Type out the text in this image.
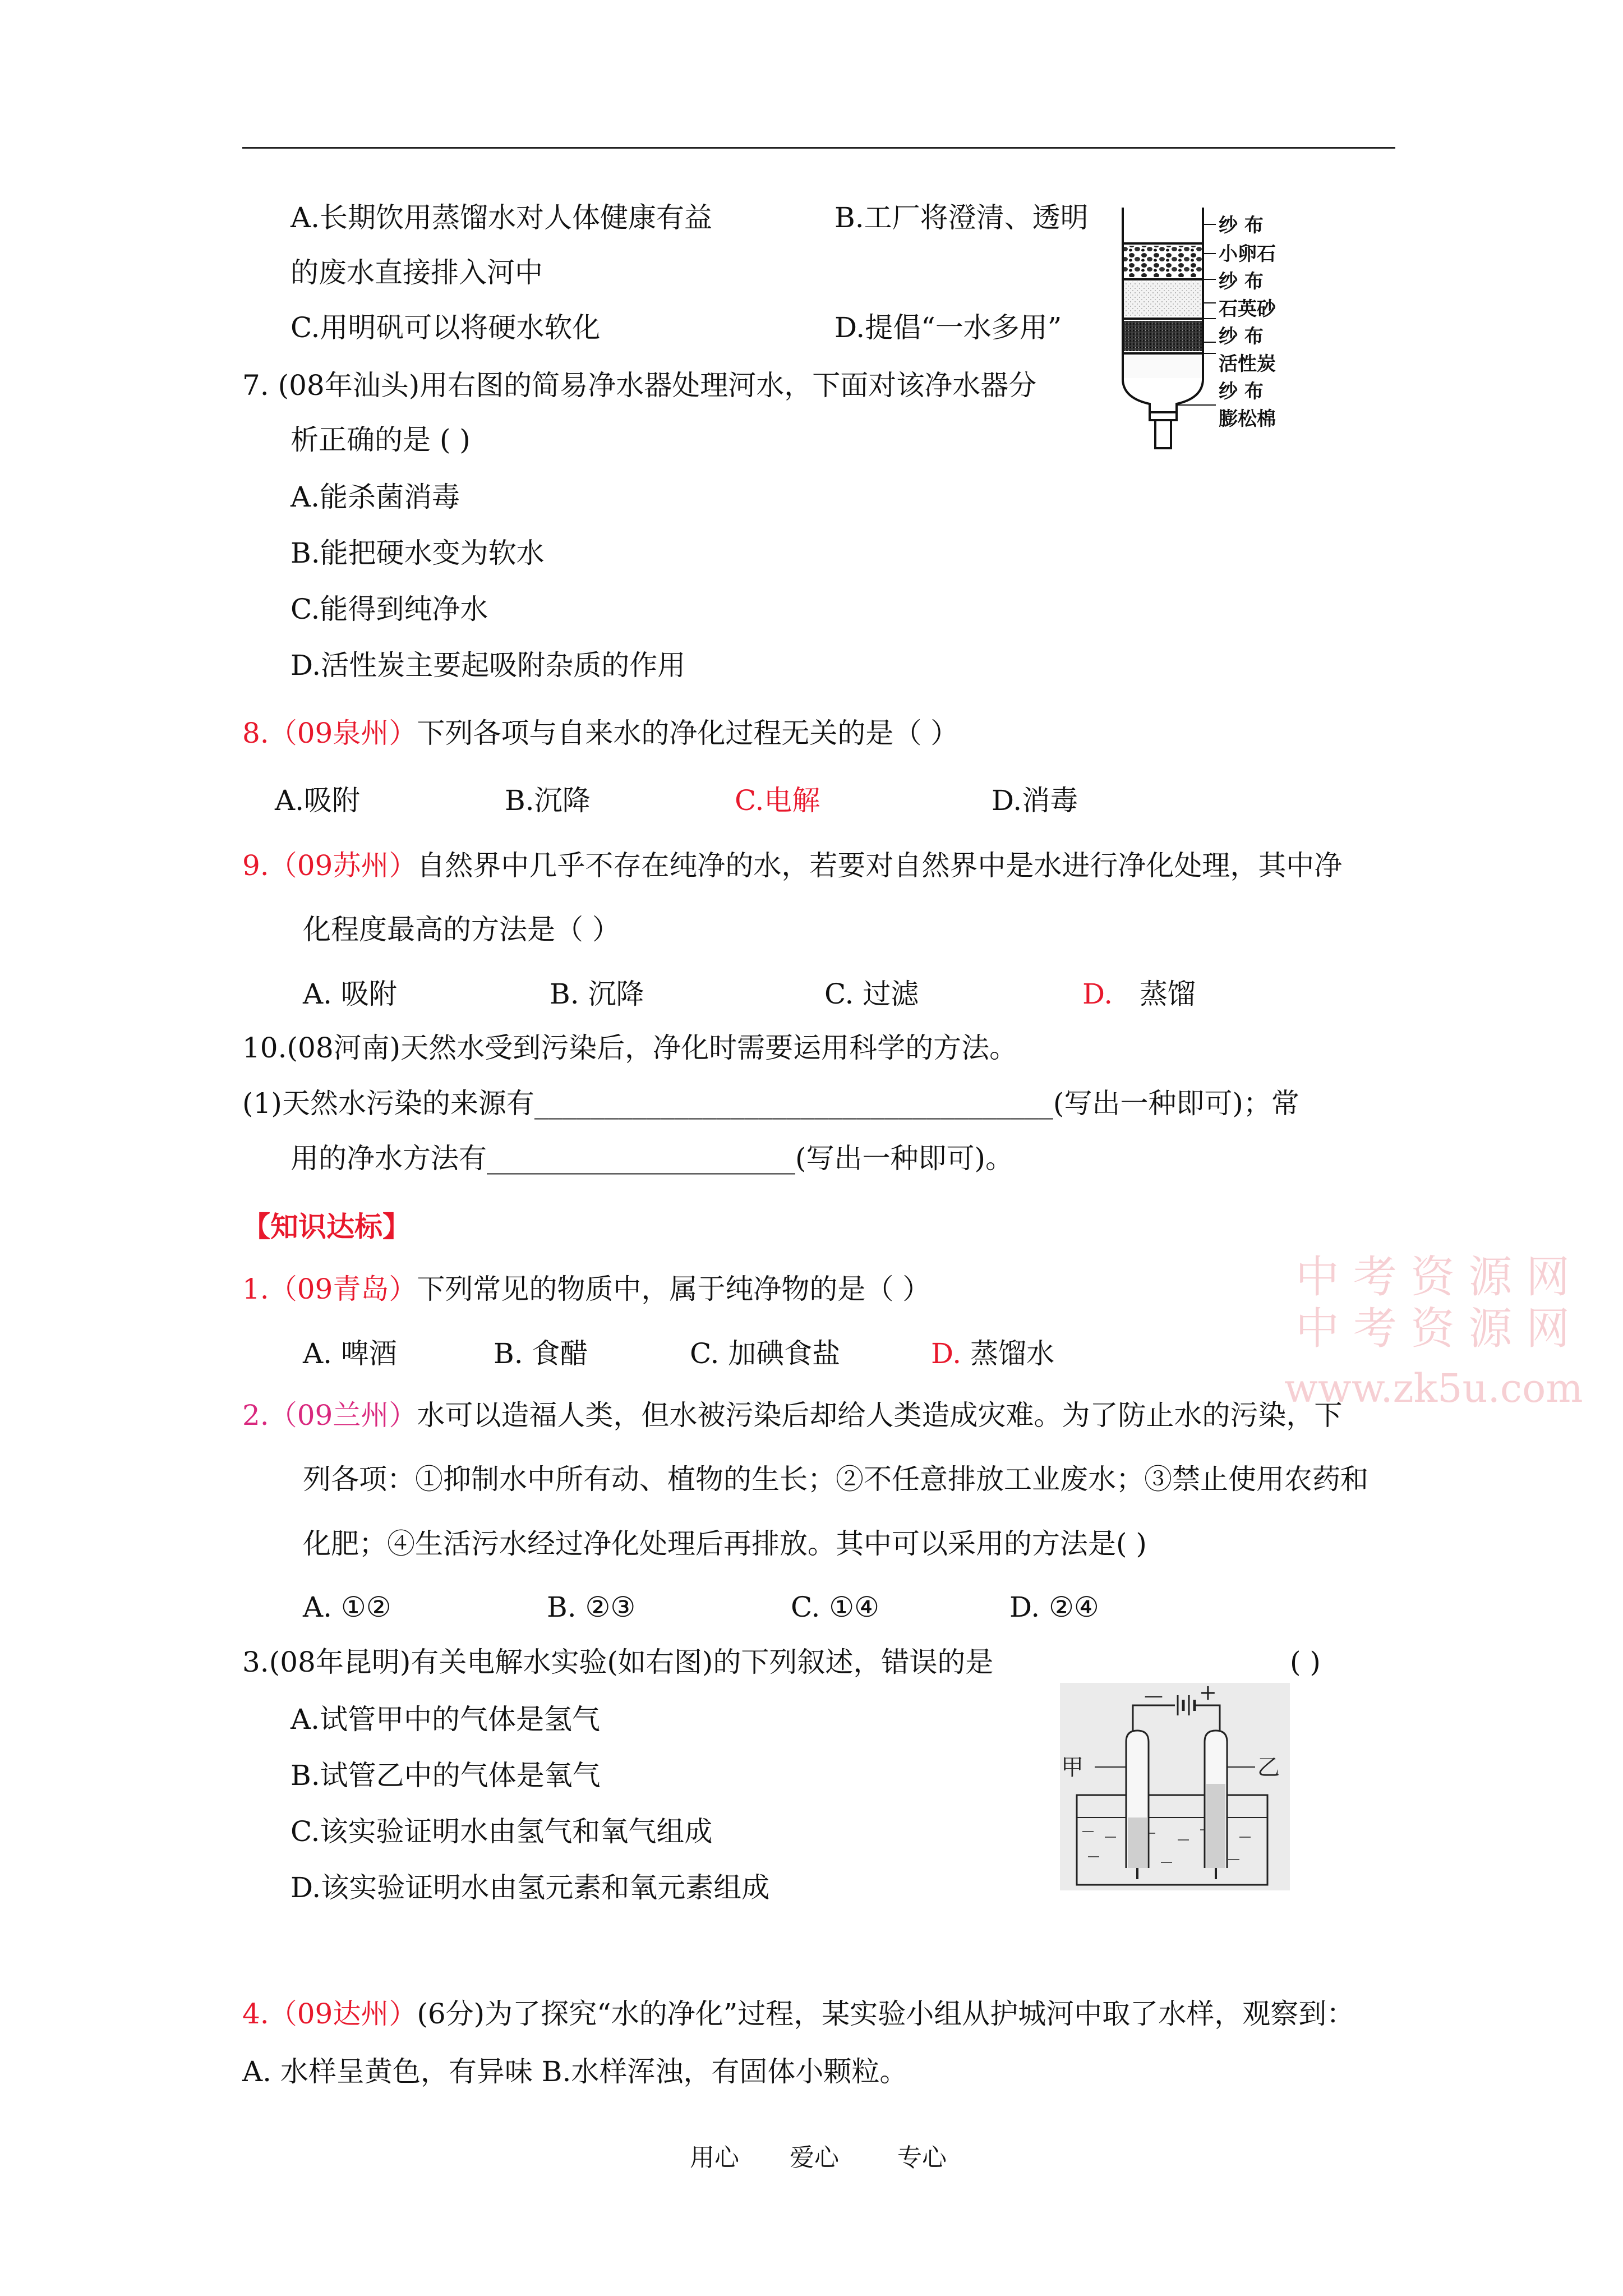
A.长期饮用蒸馏水对人体健康有益	B.工厂将澄清、透明
的废水直接排入河中
C.用明矾可以将硬水软化	D.提倡“一水多用”
7. (08年汕头)用右图的简易净水器处理河水，下面对该净水器分
析正确的是 ( )
A.能杀菌消毒
B.能把硬水变为软水
C.能得到纯净水
D.活性炭主要起吸附杂质的作用
纱 布
小卵石
纱 布
石英砂
纱 布
活性炭
纱 布
膨松棉
8.（09泉州）下列各项与自来水的净化过程无关的是（ ）
A.吸附	B.沉降	C.电解	D.消毒
9.（09苏州）自然界中几乎不存在纯净的水，若要对自然界中是水进行净化处理，其中净
化程度最高的方法是（ ）
A. 吸附	B. 沉降	C. 过滤	D. 蒸馏
10.(08河南)天然水受到污染后，净化时需要运用科学的方法。
(1)天然水污染的来源有_____________________________________(写出一种即可)；常
用的净水方法有______________________(写出一种即可)。
【知识达标】
中 考 资 源 网
中 考 资 源 网
www.zk5u.com
1.（09青岛）下列常见的物质中，属于纯净物的是（ ）
A. 啤酒	B. 食醋	C. 加碘食盐	D. 蒸馏水
2.（09兰州）水可以造福人类，但水被污染后却给人类造成灾难。为了防止水的污染，下
列各项：①抑制水中所有动、植物的生长；②不任意排放工业废水；③禁止使用农药和
化肥；④生活污水经过净化处理后再排放。其中可以采用的方法是( )
A. ①②	B. ②③	C. ①④	D. ②④
3.(08年昆明)有关电解水实验(如右图)的下列叙述，错误的是	( )
A.试管甲中的气体是氢气
B.试管乙中的气体是氧气
C.该实验证明水由氢气和氧气组成
D.该实验证明水由氢元素和氧元素组成
— +
甲	乙
4.（09达州）(6分)为了探究“水的净化”过程，某实验小组从护城河中取了水样，观察到：
A. 水样呈黄色，有异味 B.水样浑浊，有固体小颗粒。
用心 爱心 专心
